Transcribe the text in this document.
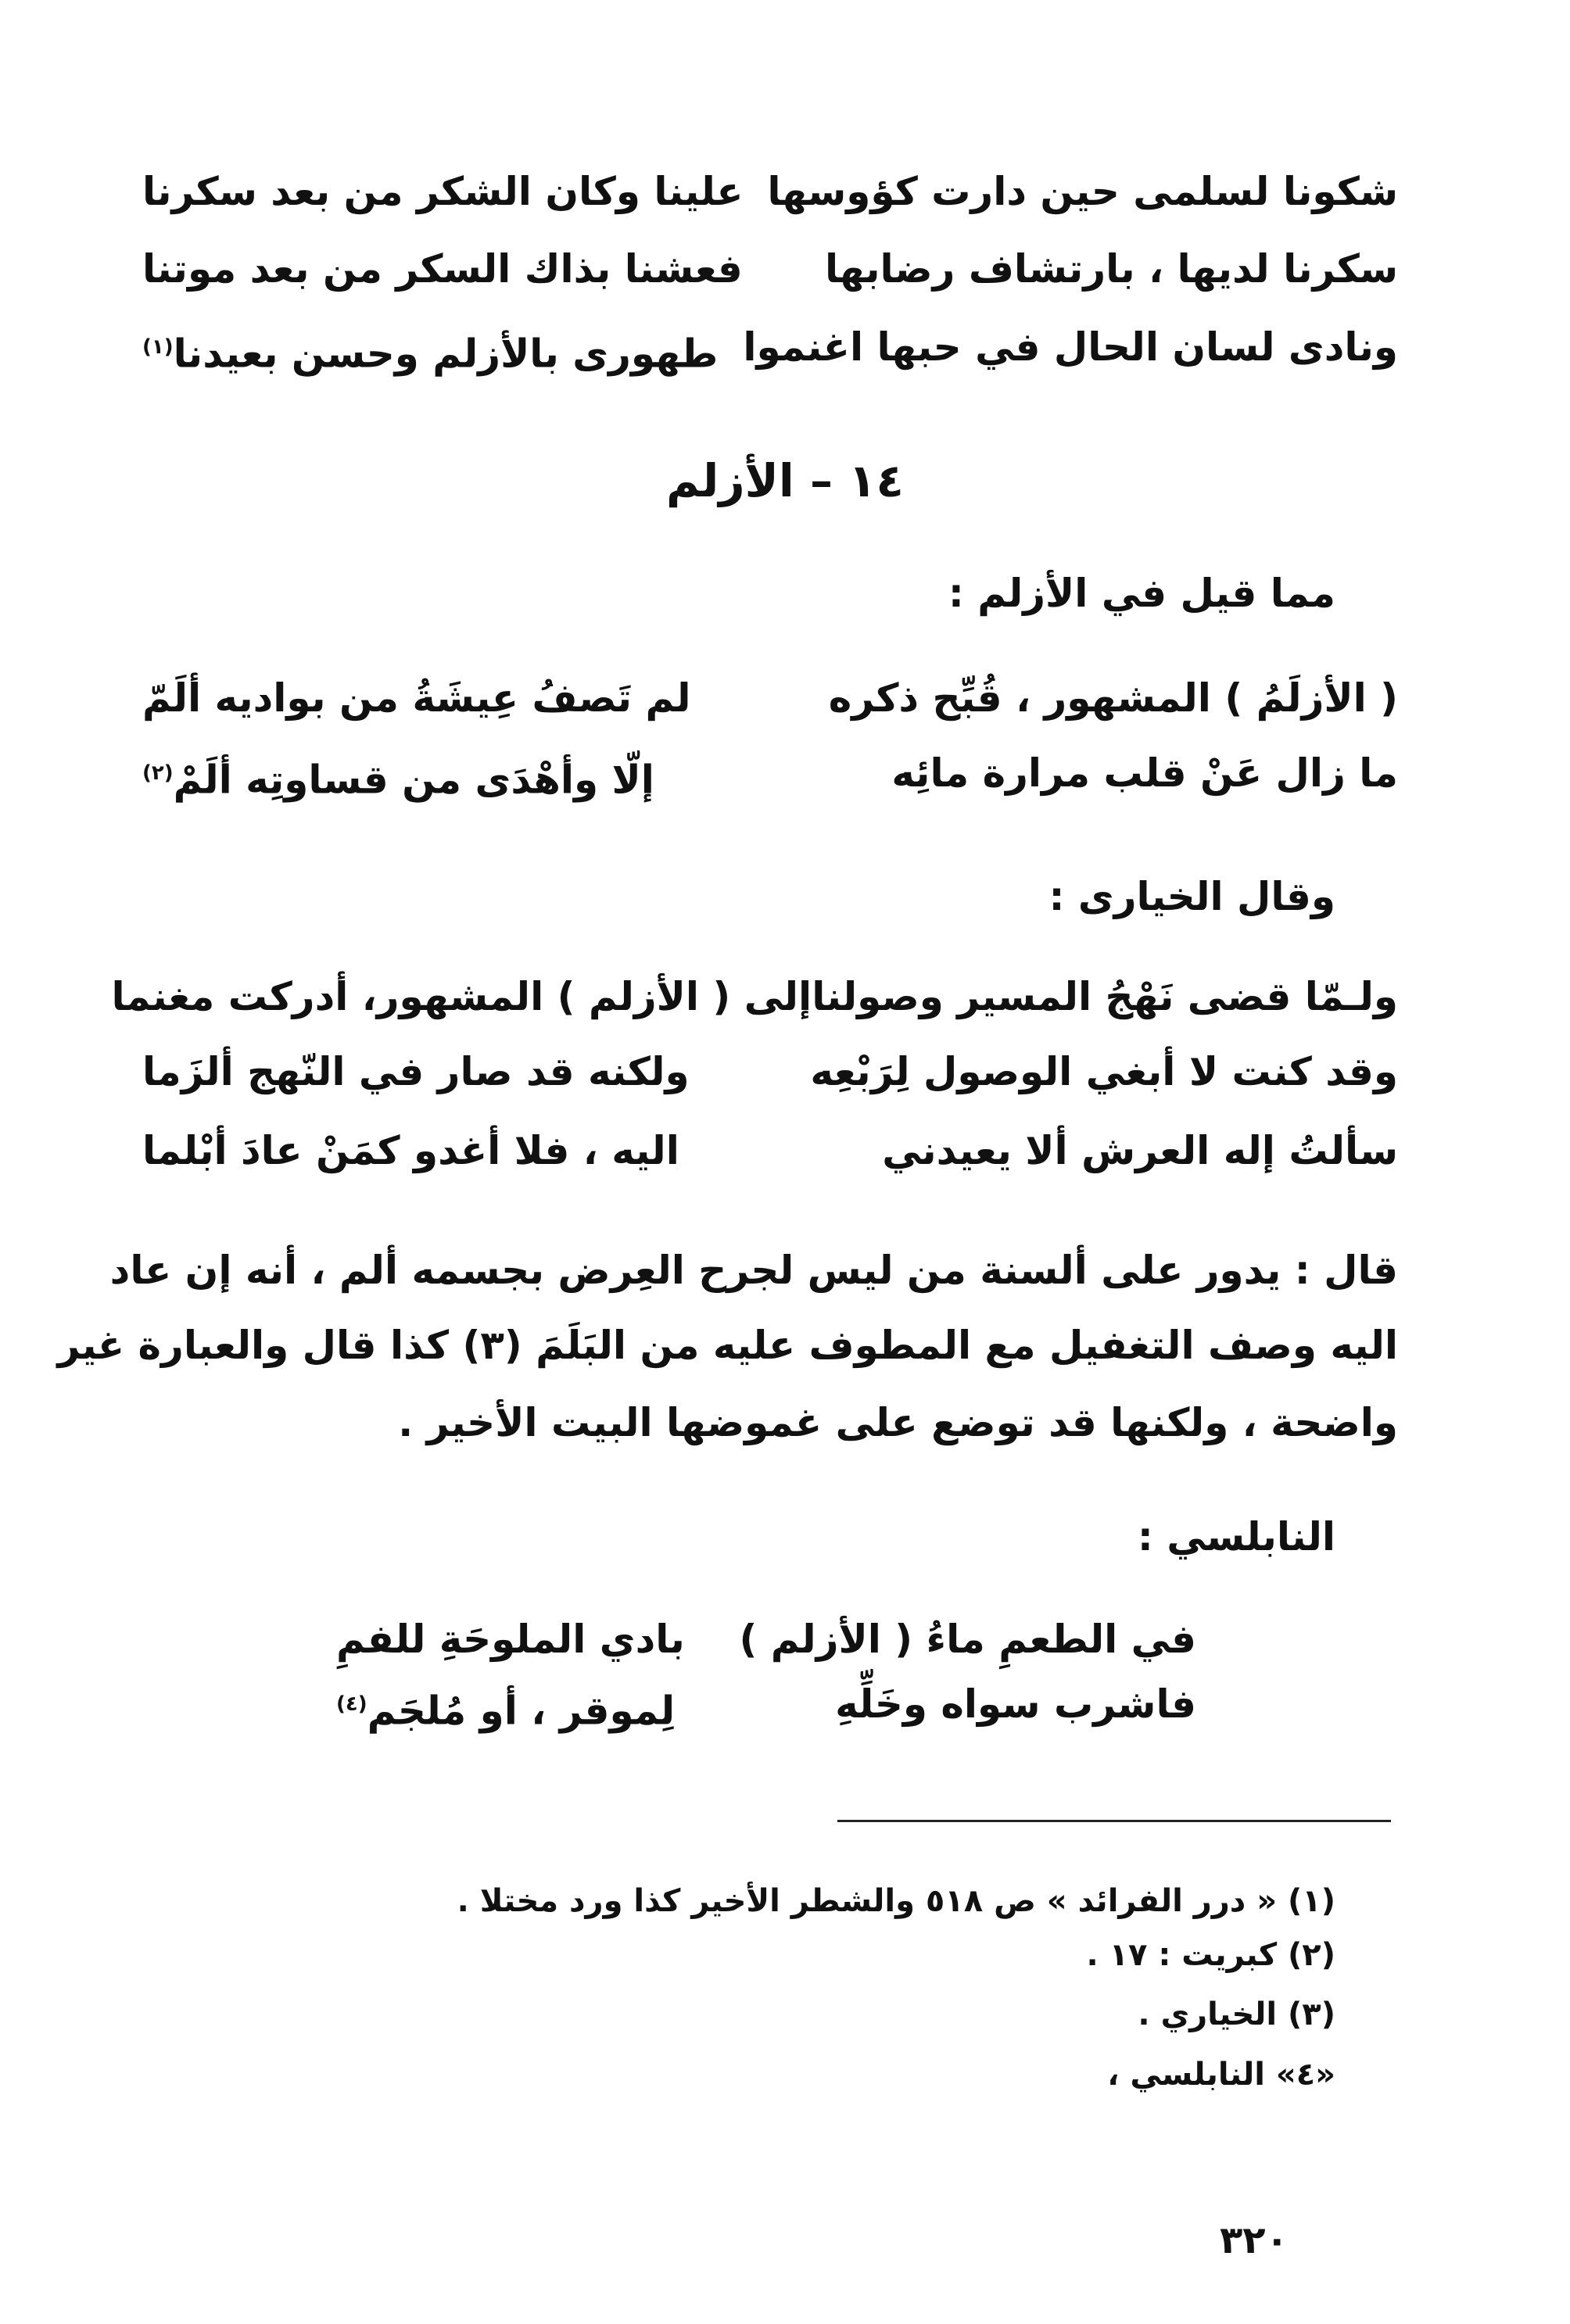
شكونا لسلمى حين دارت كؤوسها
علينا وكان الشكر من بعد سكرنا
سكرنا لديها ، بارتشاف رضابها
فعشنا بذاك السكر من بعد موتنا
ونادى لسان الحال في حبها اغنموا
طهورى بالأزلم وحسن بعيدنا$^{(١)}$
١٤ – الأزلم
مما قيل في الأزلم :
( الأزلَمُ ) المشهور ، قُبِّح ذكره
لم تَصفُ عِيشَةُ من بواديه ألَمّ
ما زال عَنْ قلب مرارة مائِه
إلّا وأهْدَى من قساوتِه ألَمْ$^{(٢)}$
وقال الخيارى :
ولـمّا قضى نَهْجُ المسير وصولنا
إلى ( الأزلم ) المشهور، أدركت مغنما
وقد كنت لا أبغي الوصول لِرَبْعِه
ولكنه قد صار في النّهج ألزَما
سألتُ إله العرش ألا يعيدني
اليه ، فلا أغدو كمَنْ عادَ أبْلما
قال : يدور على ألسنة من ليس لجرح العِرض بجسمه ألم ، أنه إن عاد
اليه وصف التغفيل مع المطوف عليه من البَلَمَ (٣) كذا قال والعبارة غير
واضحة ، ولكنها قد توضع على غموضها البيت الأخير .
النابلسي :
في الطعمِ ماءُ ( الأزلم )
بادي الملوحَةِ للفمِ
فاشرب سواه وخَلِّهِ
لِموقر ، أو مُلجَم$^{(٤)}$
(١) « درر الفرائد » ص ٥١٨ والشطر الأخير كذا ورد مختلا .
(٢) كبريت : ١٧ .
(٣) الخياري .
«٤» النابلسي ،
٣٢٠
